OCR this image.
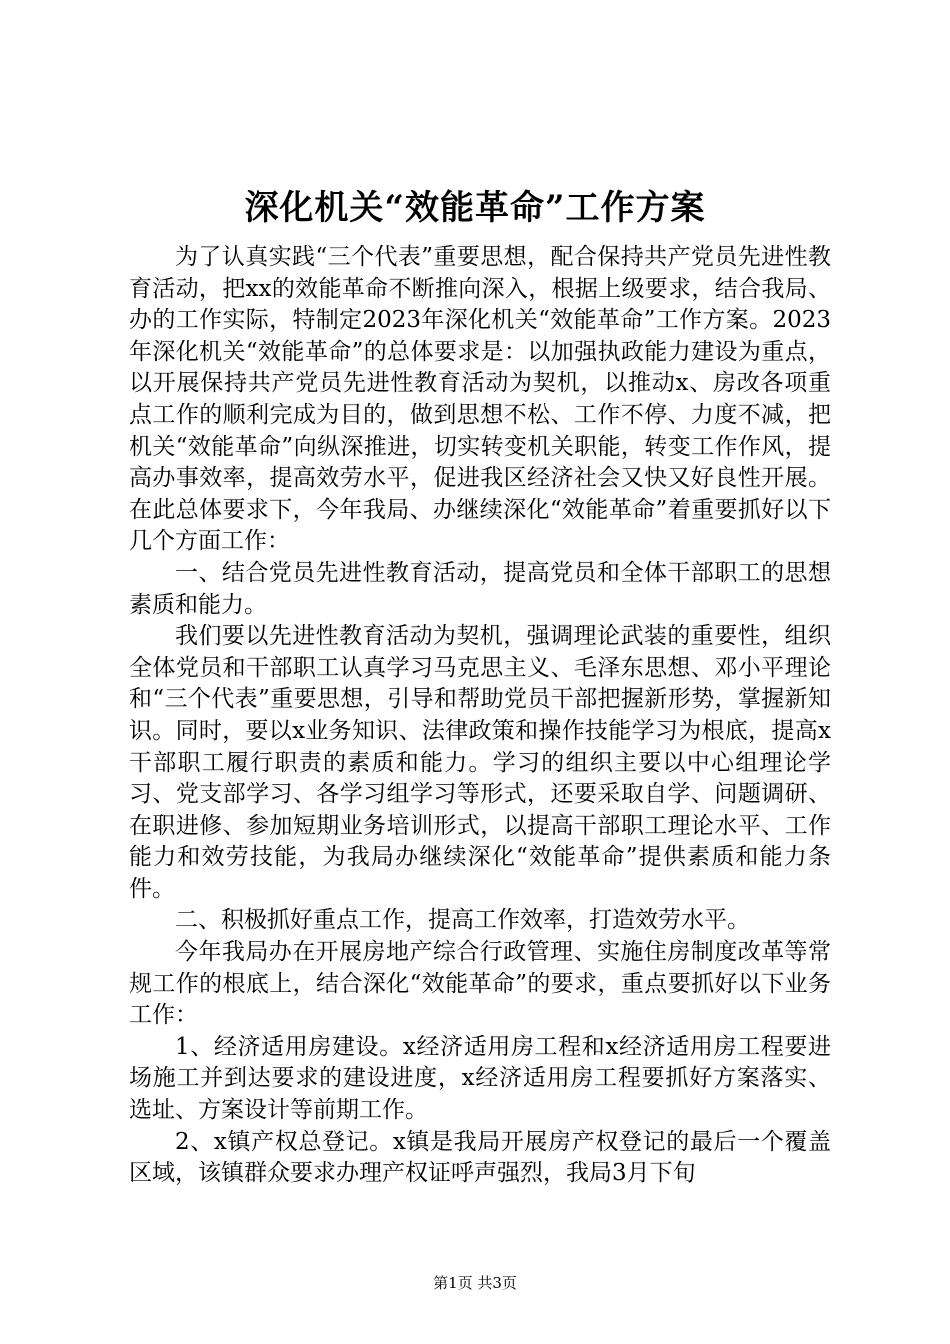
深化机关“效能革命”工作方案

为了认真实践“三个代表”重要思想，配合保持共产党员先进性教育活动，把xx的效能革命不断推向深入，根据上级要求，结合我局、办的工作实际，特制定2023年深化机关“效能革命”工作方案。2023年深化机关“效能革命”的总体要求是：以加强执政能力建设为重点，以开展保持共产党员先进性教育活动为契机，以推动x、房改各项重点工作的顺利完成为目的，做到思想不松、工作不停、力度不减，把机关“效能革命”向纵深推进，切实转变机关职能，转变工作作风，提高办事效率，提高效劳水平，促进我区经济社会又快又好良性开展。在此总体要求下，今年我局、办继续深化“效能革命”着重要抓好以下几个方面工作：

一、结合党员先进性教育活动，提高党员和全体干部职工的思想素质和能力。

我们要以先进性教育活动为契机，强调理论武装的重要性，组织全体党员和干部职工认真学习马克思主义、毛泽东思想、邓小平理论和“三个代表”重要思想，引导和帮助党员干部把握新形势，掌握新知识。同时，要以x业务知识、法律政策和操作技能学习为根底，提高x干部职工履行职责的素质和能力。学习的组织主要以中心组理论学习、党支部学习、各学习组学习等形式，还要采取自学、问题调研、在职进修、参加短期业务培训形式，以提高干部职工理论水平、工作能力和效劳技能，为我局办继续深化“效能革命”提供素质和能力条件。

二、积极抓好重点工作，提高工作效率，打造效劳水平。

今年我局办在开展房地产综合行政管理、实施住房制度改革等常规工作的根底上，结合深化“效能革命”的要求，重点要抓好以下业务工作：

1、经济适用房建设。x经济适用房工程和x经济适用房工程要进场施工并到达要求的建设进度，x经济适用房工程要抓好方案落实、选址、方案设计等前期工作。

2、x镇产权总登记。x镇是我局开展房产权登记的最后一个覆盖区域，该镇群众要求办理产权证呼声强烈，我局3月下旬

第1页 共3页
